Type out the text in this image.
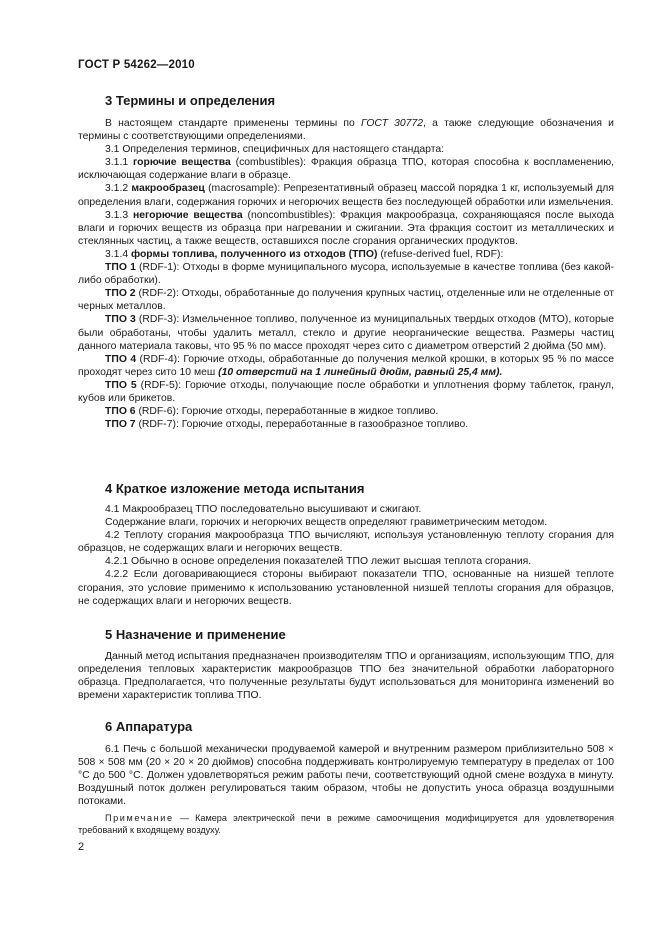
ГОСТ Р 54262—2010
3 Термины и определения

В настоящем стандарте применены термины по ГОСТ 30772, а также следующие обозначения и термины с соответствующими определениями.

3.1 Определения терминов, специфичных для настоящего стандарта:

3.1.1 горючие вещества (combustibles): Фракция образца ТПО, которая способна к воспламенению, исключающая содержание влаги в образце.

3.1.2 макрообразец (macrosample): Репрезентативный образец массой порядка 1 кг, используемый для определения влаги, содержания горючих и негорючих веществ без последующей обработки или измельчения.

3.1.3 негорючие вещества (noncombustibles): Фракция макрообразца, сохраняющаяся после выхода влаги и горючих веществ из образца при нагревании и сжигании. Эта фракция состоит из металлических и стеклянных частиц, а также веществ, оставшихся после сгорания органических продуктов.

3.1.4 формы топлива, полученного из отходов (ТПО) (refuse-derived fuel, RDF):

ТПО 1 (RDF-1): Отходы в форме муниципального мусора, используемые в качестве топлива (без какой-либо обработки).

ТПО 2 (RDF-2): Отходы, обработанные до получения крупных частиц, отделенные или не отделенные от черных металлов.

ТПО 3 (RDF-3): Измельченное топливо, полученное из муниципальных твердых отходов (МТО), которые были обработаны, чтобы удалить металл, стекло и другие неорганические вещества. Размеры частиц данного материала таковы, что 95 % по массе проходят через сито с диаметром отверстий 2 дюйма (50 мм).

ТПО 4 (RDF-4): Горючие отходы, обработанные до получения мелкой крошки, в которых 95 % по массе проходят через сито 10 меш (10 отверстий на 1 линейный дюйм, равный 25,4 мм).

ТПО 5 (RDF-5): Горючие отходы, получающие после обработки и уплотнения форму таблеток, гранул, кубов или брикетов.

ТПО 6 (RDF-6): Горючие отходы, переработанные в жидкое топливо.

ТПО 7 (RDF-7): Горючие отходы, переработанные в газообразное топливо.

4 Краткое изложение метода испытания

4.1 Макрообразец ТПО последовательно высушивают и сжигают.

Содержание влаги, горючих и негорючих веществ определяют гравиметрическим методом.

4.2 Теплоту сгорания макрообразца ТПО вычисляют, используя установленную теплоту сгорания для образцов, не содержащих влаги и негорючих веществ.

4.2.1 Обычно в основе определения показателей ТПО лежит высшая теплота сгорания.

4.2.2 Если договаривающиеся стороны выбирают показатели ТПО, основанные на низшей теплоте сгорания, это условие применимо к использованию установленной низшей теплоты сгорания для образцов, не содержащих влаги и негорючих веществ.

5 Назначение и применение

Данный метод испытания предназначен производителям ТПО и организациям, использующим ТПО, для определения тепловых характеристик макрообразцов ТПО без значительной обработки лабораторного образца. Предполагается, что полученные результаты будут использоваться для мониторинга изменений во времени характеристик топлива ТПО.

6 Аппаратура

6.1 Печь с большой механически продуваемой камерой и внутренним размером приблизительно 508 × 508 × 508 мм (20 × 20 × 20 дюймов) способна поддерживать контролируемую температуру в пределах от 100 °С до 500 °С. Должен удовлетворяться режим работы печи, соответствующий одной смене воздуха в минуту. Воздушный поток должен регулироваться таким образом, чтобы не допустить уноса образца воздушными потоками.

Примечание — Камера электрической печи в режиме самоочищения модифицируется для удовлетворения требований к входящему воздуху.

2
